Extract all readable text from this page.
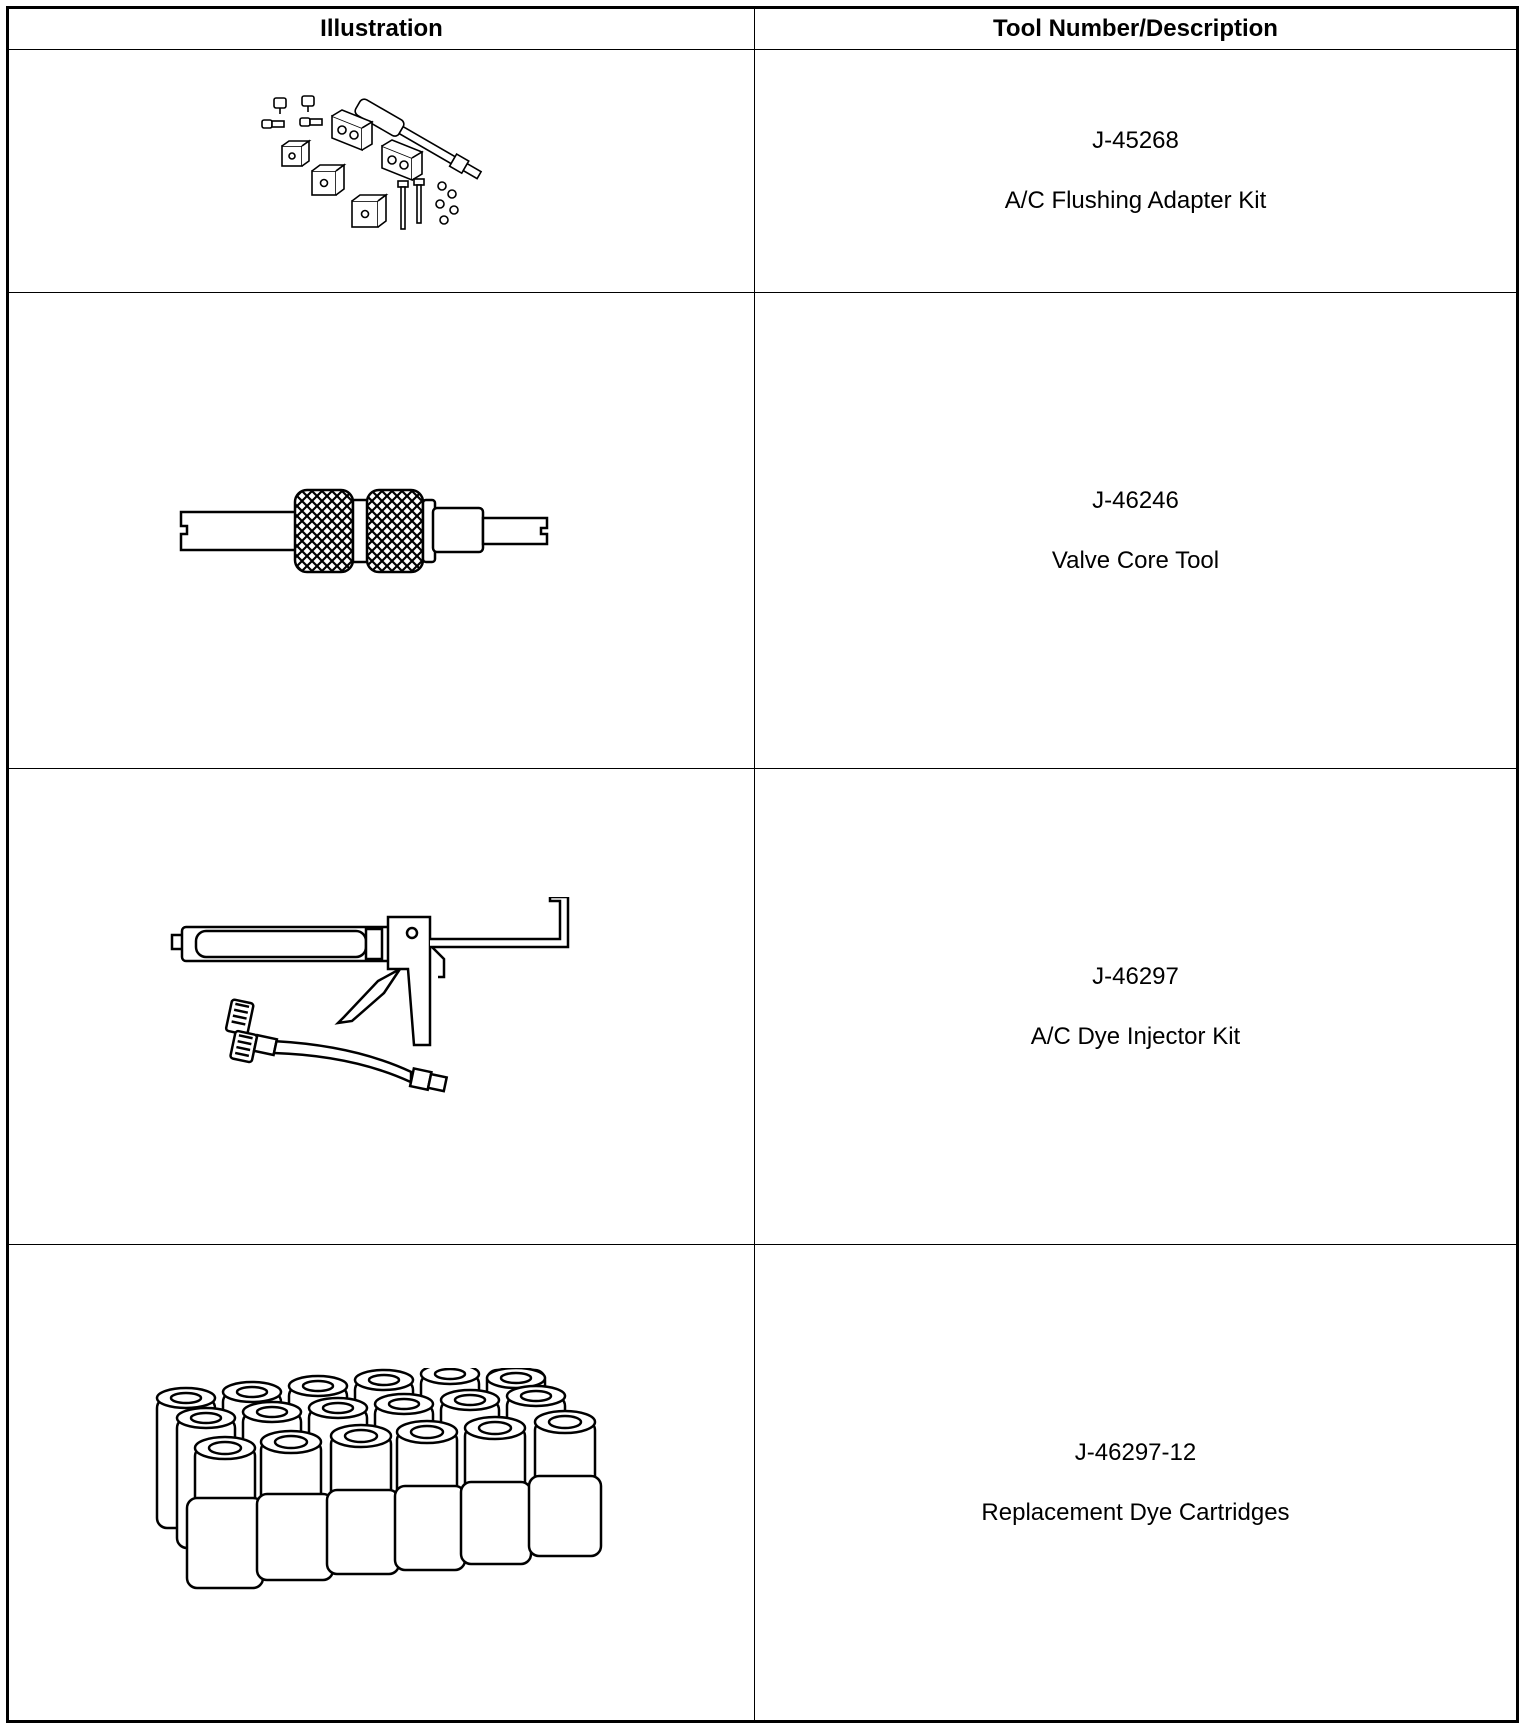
Illustration	Tool Number/Description

J-45268
A/C Flushing Adapter Kit

J-46246
Valve Core Tool

J-46297
A/C Dye Injector Kit

J-46297-12
Replacement Dye Cartridges
